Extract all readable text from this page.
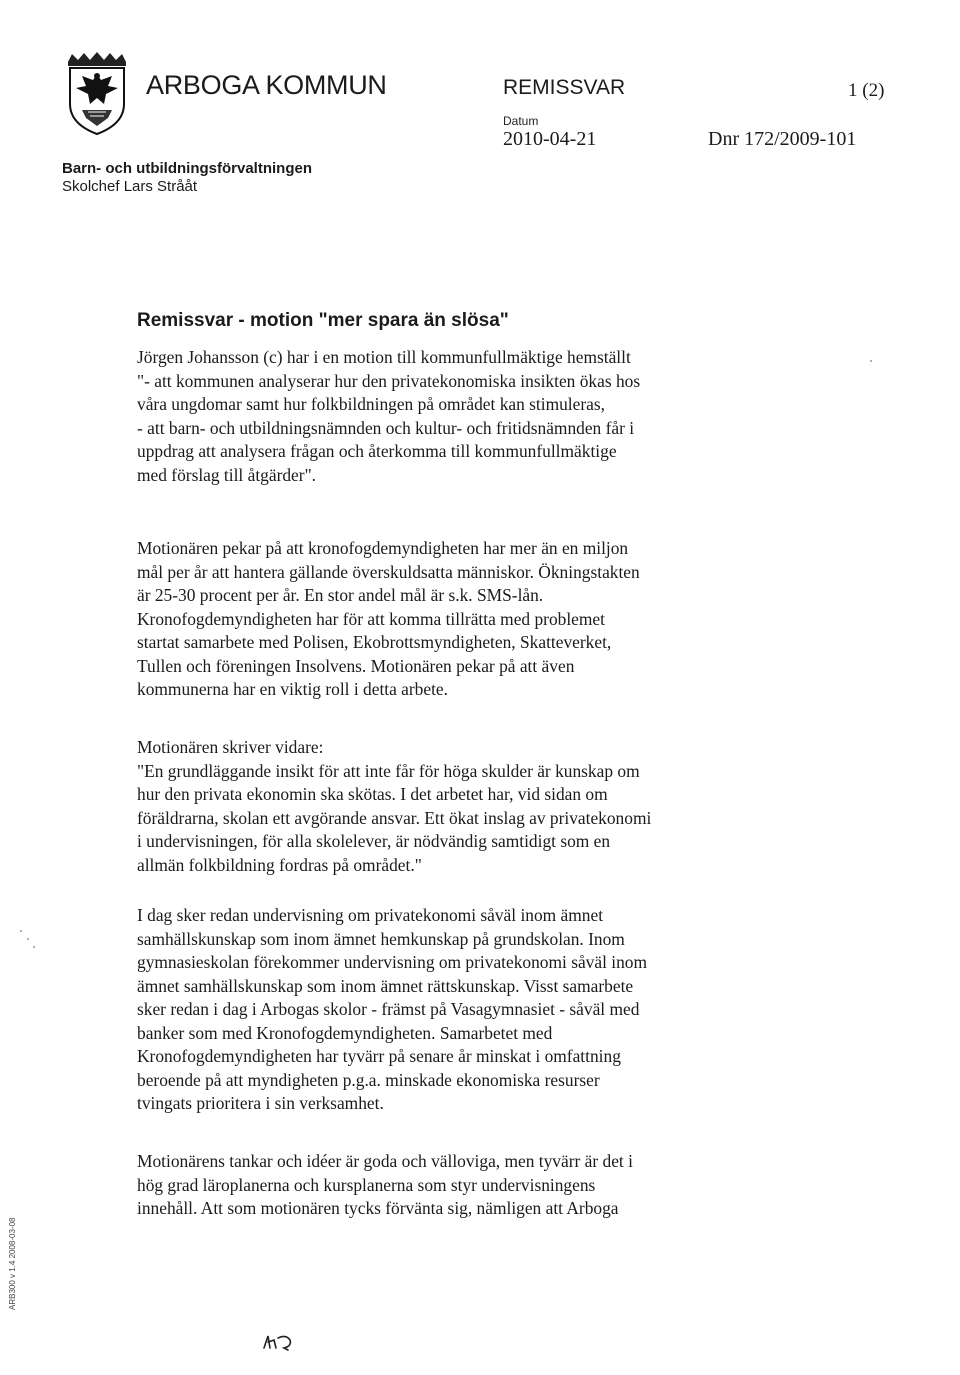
ARBOGA KOMMUN	REMISSVAR	1 (2)
Datum
2010-04-21	Dnr 172/2009-101
Barn- och utbildningsförvaltningen
Skolchef Lars Strååt
Remissvar - motion "mer spara än slösa"
Jörgen Johansson (c) har i en motion till kommunfullmäktige hemställt
"- att kommunen analyserar hur den privatekonomiska insikten ökas hos
våra ungdomar samt hur folkbildningen på området kan stimuleras,
- att barn- och utbildningsnämnden och kultur- och fritidsnämnden får i
uppdrag att analysera frågan och återkomma till kommunfullmäktige
med förslag till åtgärder".
Motionären pekar på att kronofogdemyndigheten har mer än en miljon
mål per år att hantera gällande överskuldsatta människor. Ökningstakten
är 25-30 procent per år. En stor andel mål är s.k. SMS-lån.
Kronofogdemyndigheten har för att komma tillrätta med problemet
startat samarbete med Polisen, Ekobrottsmyndigheten, Skatteverket,
Tullen och föreningen Insolvens. Motionären pekar på att även
kommunerna har en viktig roll i detta arbete.
Motionären skriver vidare:
"En grundläggande insikt för att inte får för höga skulder är kunskap om
hur den privata ekonomin ska skötas. I det arbetet har, vid sidan om
föräldrarna, skolan ett avgörande ansvar. Ett ökat inslag av privatekonomi
i undervisningen, för alla skolelever, är nödvändig samtidigt som en
allmän folkbildning fordras på området."
I dag sker redan undervisning om privatekonomi såväl inom ämnet
samhällskunskap som inom ämnet hemkunskap på grundskolan. Inom
gymnasieskolan förekommer undervisning om privatekonomi såväl inom
ämnet samhällskunskap som inom ämnet rättskunskap. Visst samarbete
sker redan i dag i Arbogas skolor - främst på Vasagymnasiet - såväl med
banker som med Kronofogdemyndigheten. Samarbetet med
Kronofogdemyndigheten har tyvärr på senare år minskat i omfattning
beroende på att myndigheten p.g.a. minskade ekonomiska resurser
tvingats prioritera i sin verksamhet.
Motionärens tankar och idéer är goda och välloviga, men tyvärr är det i
hög grad läroplanerna och kursplanerna som styr undervisningens
innehåll. Att som motionären tycks förvänta sig, nämligen att Arboga
ARB300 v 1.4 2008-03-08
